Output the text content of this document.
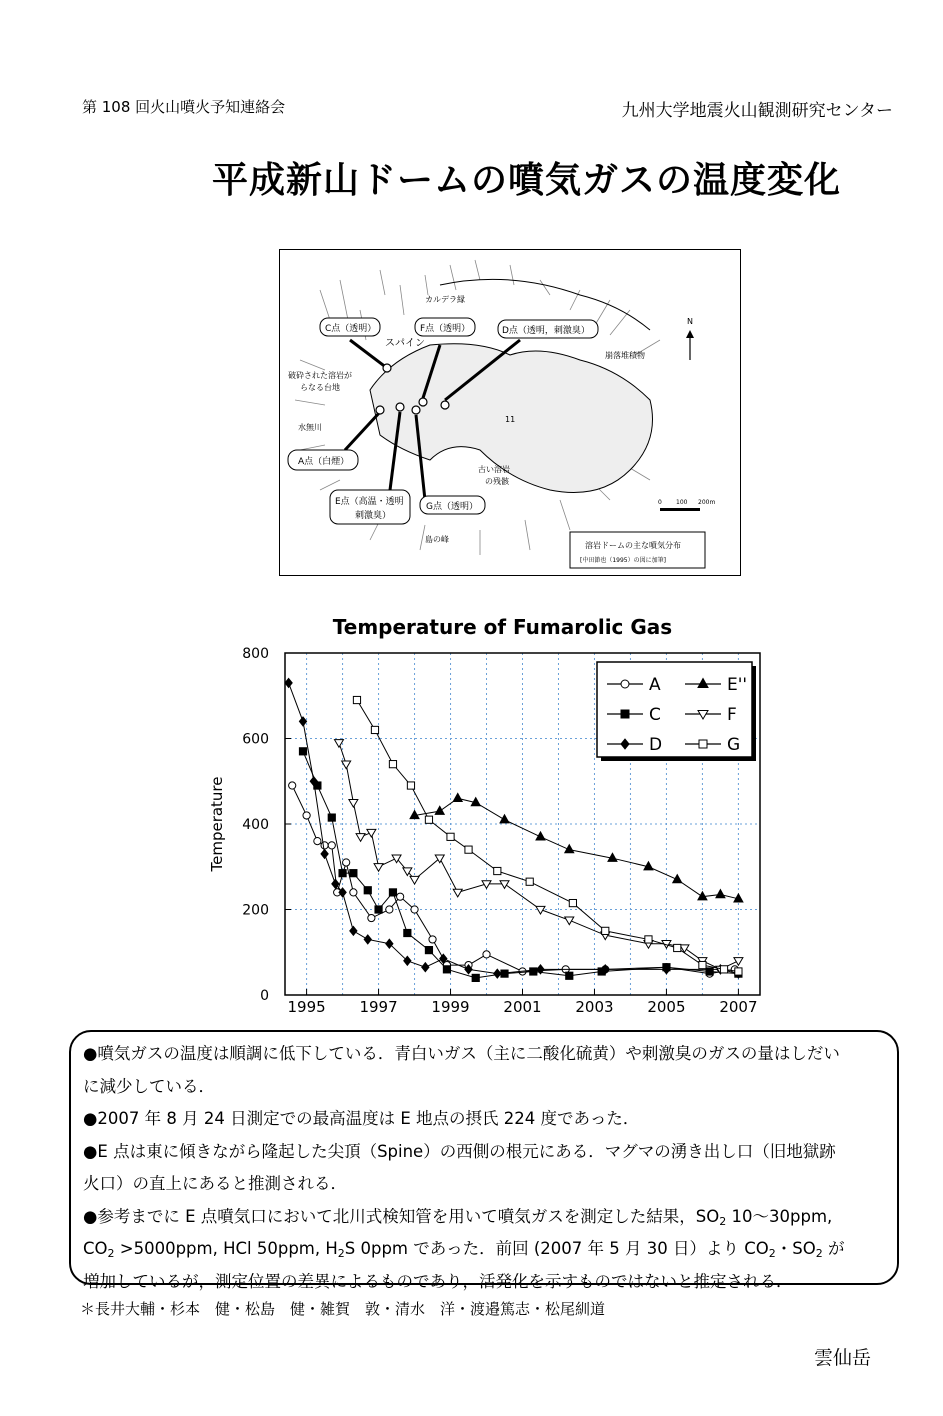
第 108 回火山噴火予知連絡会	九州大学地震火山観測研究センター
平成新山ドームの噴気ガスの温度変化
N
0 100 200m
C点（透明）	F点（透明）	D点（透明，刺激臭）
A点（白煙）
E点（高温・透明
刺激臭）
G点（透明）
溶岩ドームの主な噴気分布
[中田節也（1995）の図に加筆]
カルデラ縁
スパイン
崩落堆積物
破砕された溶岩が
らなる台地
水無川
古い溶岩
の残骸
島の峰
11
Temperature of Fumarolic Gas
0
200
400
600
800
1995 1997 1999 2001 2003 2005 2007
Temperature
A	E''
C	F
D	G

●噴気ガスの温度は順調に低下している．青白いガス（主に二酸化硫黄）や刺激臭のガスの量はしだい

に減少している．

●2007 年 8 月 24 日測定での最高温度は E 地点の摂氏 224 度であった．

●E 点は東に傾きながら隆起した尖頂（Spine）の西側の根元にある．マグマの湧き出し口（旧地獄跡

火口）の直上にあると推測される．

●参考までに E 点噴気口において北川式検知管を用いて噴気ガスを測定した結果，$SO_2$ 10〜30ppm,

$CO_2 >5000ppm$, HCl 50ppm, $H_2S$ 0ppm であった．前回 (2007 年 5 月 30 日）より $CO_2$・$SO_2$ が

増加しているが，測定位置の差異によるものであり，活発化を示すものではないと推定される．

＊長井大輔・杉本　健・松島　健・雑賀　敦・清水　洋・渡邉篤志・松尾紃道
雲仙岳
